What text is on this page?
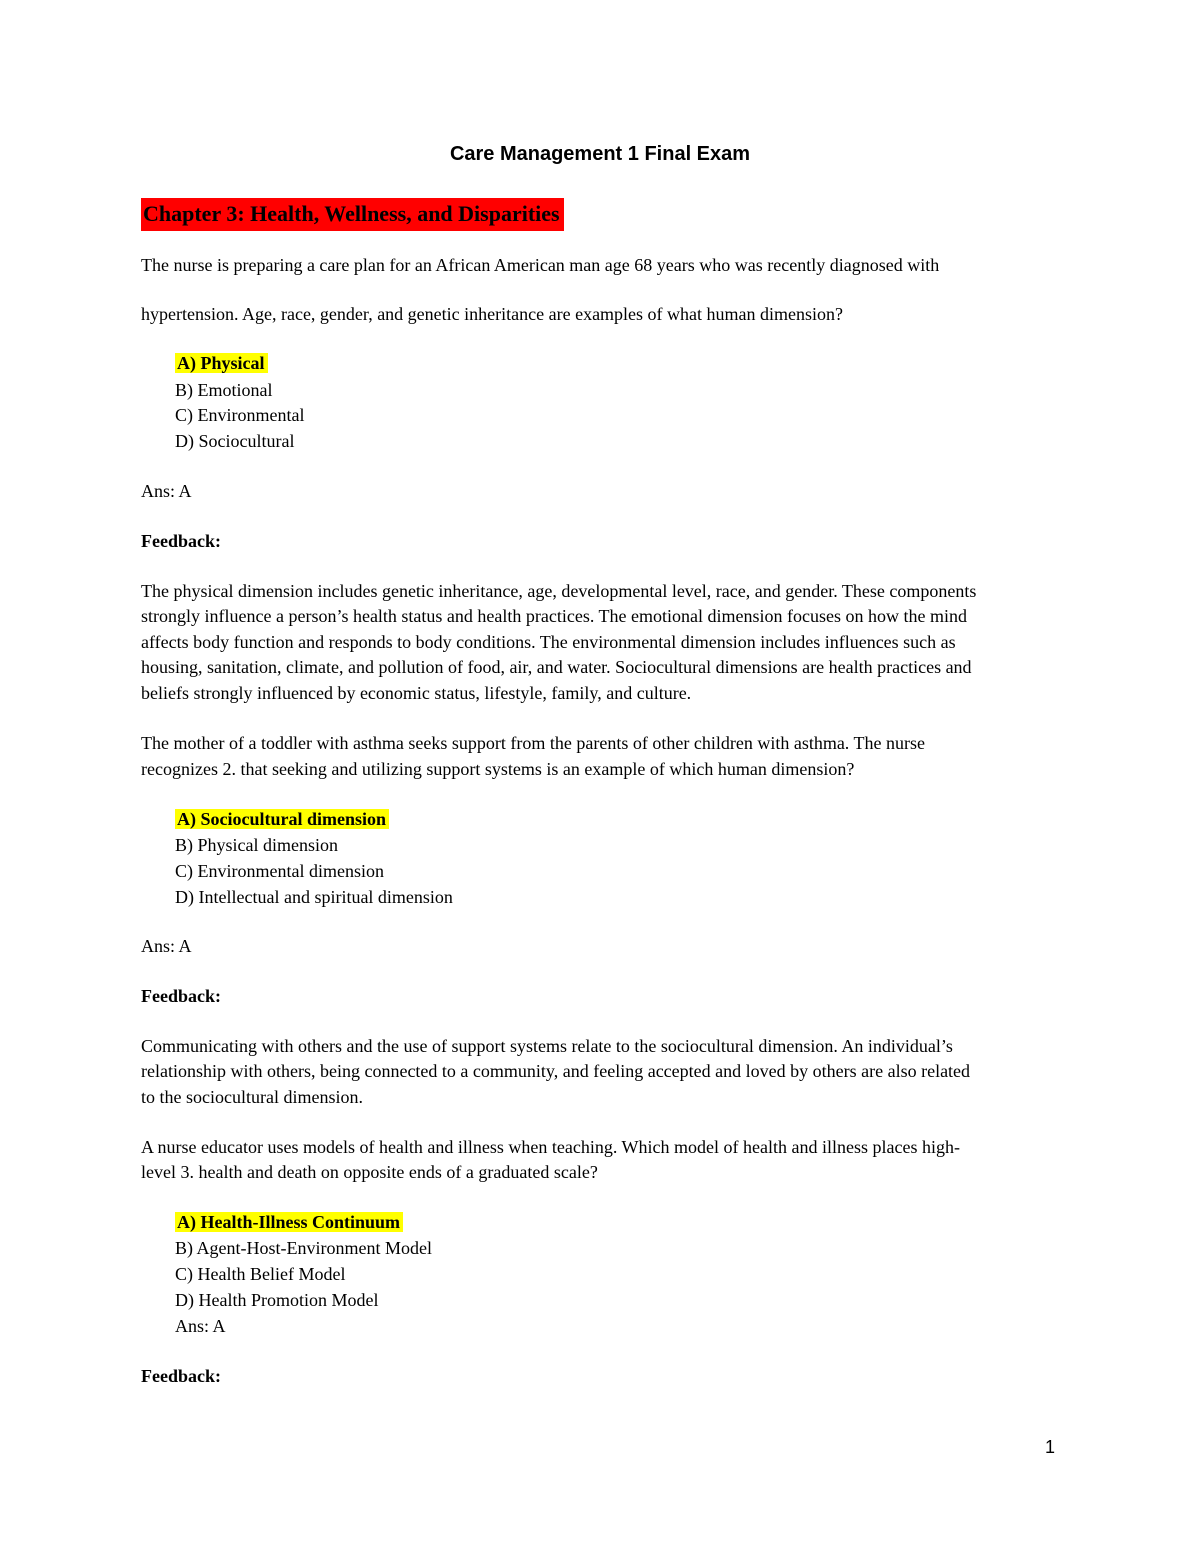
Care Management 1 Final Exam
Chapter 3: Health, Wellness, and Disparities
The nurse is preparing a care plan for an African American man age 68 years who was recently diagnosed with
hypertension. Age, race, gender, and genetic inheritance are examples of what human dimension?
A) Physical
B) Emotional
C) Environmental
D) Sociocultural
Ans: A
Feedback:
The physical dimension includes genetic inheritance, age, developmental level, race, and gender. These components
strongly influence a person’s health status and health practices. The emotional dimension focuses on how the mind
affects body function and responds to body conditions. The environmental dimension includes influences such as
housing, sanitation, climate, and pollution of food, air, and water. Sociocultural dimensions are health practices and
beliefs strongly influenced by economic status, lifestyle, family, and culture.
The mother of a toddler with asthma seeks support from the parents of other children with asthma. The nurse
recognizes 2. that seeking and utilizing support systems is an example of which human dimension?
A) Sociocultural dimension
B) Physical dimension
C) Environmental dimension
D) Intellectual and spiritual dimension
Ans: A
Feedback:
Communicating with others and the use of support systems relate to the sociocultural dimension. An individual’s
relationship with others, being connected to a community, and feeling accepted and loved by others are also related
to the sociocultural dimension.
A nurse educator uses models of health and illness when teaching. Which model of health and illness places high-
level 3. health and death on opposite ends of a graduated scale?
A) Health-Illness Continuum
B) Agent-Host-Environment Model
C) Health Belief Model
D) Health Promotion Model
Ans: A
Feedback:
1
